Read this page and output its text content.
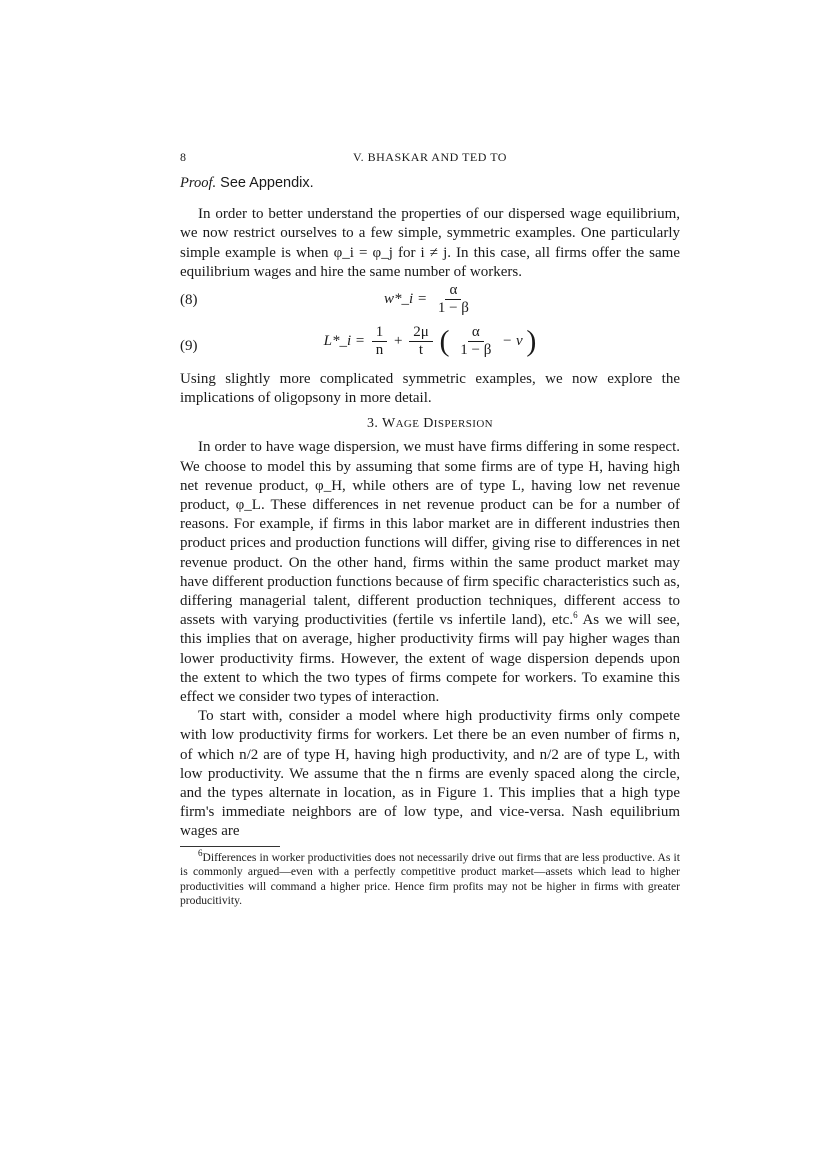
8	V. BHASKAR AND TED TO

Proof. See Appendix.

In order to better understand the properties of our dispersed wage equilibrium, we now restrict ourselves to a few simple, symmetric examples. One particularly simple example is when φ_i = φ_j for i ≠ j. In this case, all firms offer the same equilibrium wages and hire the same number of workers.

(8)	w*_i = $\frac{\alpha}{1 - \beta}$
(9)	L*_i = $\frac{1}{n} + \frac{2\mu}{t}$ ( $\frac{\alpha}{1 - \beta} - v$ )

Using slightly more complicated symmetric examples, we now explore the implications of oligopsony in more detail.

3. WAGE DISPERSION

In order to have wage dispersion, we must have firms differing in some respect. We choose to model this by assuming that some firms are of type H, having high net revenue product, φ_H, while others are of type L, having low net revenue product, φ_L. These differences in net revenue product can be for a number of reasons. For example, if firms in this labor market are in different industries then product prices and production functions will differ, giving rise to differences in net revenue product. On the other hand, firms within the same product market may have different production functions because of firm specific characteristics such as, differing managerial talent, different production techniques, different access to assets with varying productivities (fertile vs infertile land), etc.$^6$ As we will see, this implies that on average, higher productivity firms will pay higher wages than lower productivity firms. However, the extent of wage dispersion depends upon the extent to which the two types of firms compete for workers. To examine this effect we consider two types of interaction.

To start with, consider a model where high productivity firms only compete with low productivity firms for workers. Let there be an even number of firms n, of which n/2 are of type H, having high productivity, and n/2 are of type L, with low productivity. We assume that the n firms are evenly spaced along the circle, and the types alternate in location, as in Figure 1. This implies that a high type firm's immediate neighbors are of low type, and vice-versa. Nash equilibrium wages are

$^6$Differences in worker productivities does not necessarily drive out firms that are less productive. As it is commonly argued—even with a perfectly competitive product market—assets which lead to higher productivities will command a higher price. Hence firm profits may not be higher in firms with greater producitivity.
